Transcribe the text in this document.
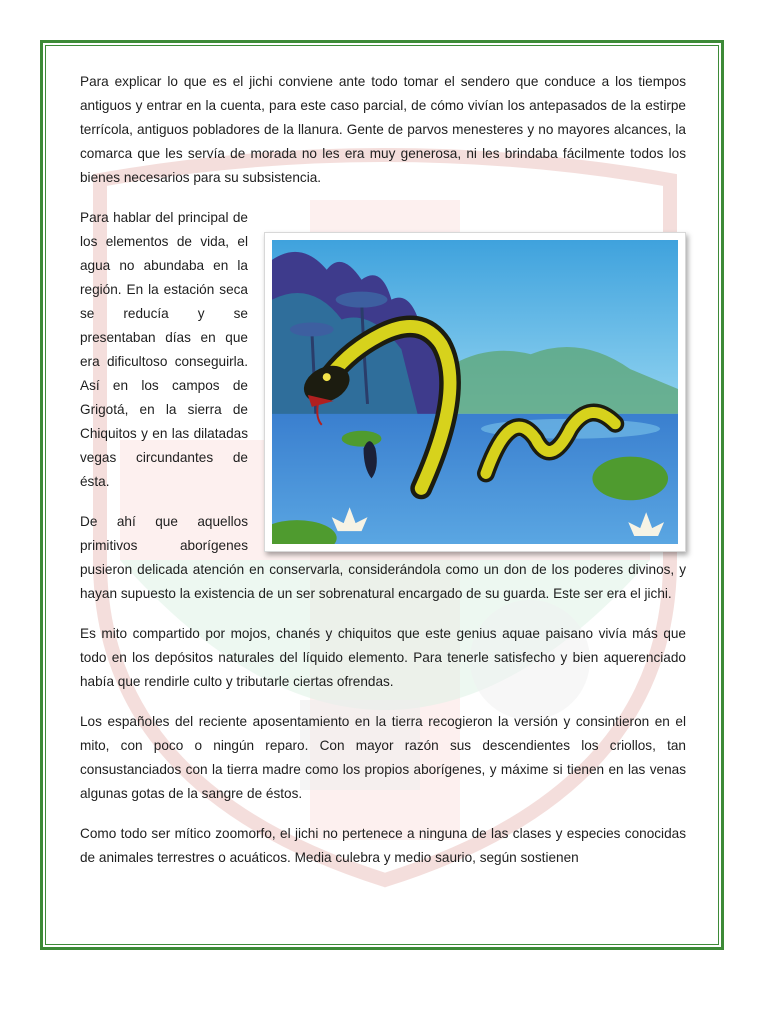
Para explicar lo que es el jichi conviene ante todo tomar el sendero que conduce a los tiempos antiguos y entrar en la cuenta, para este caso parcial, de cómo vivían los antepasados de la estirpe terrícola, antiguos pobladores de la llanura. Gente de parvos menesteres y no mayores alcances, la comarca que les servía de morada no les era muy generosa, ni les brindaba fácilmente todos los bienes necesarios para su subsistencia.

Para hablar del principal de los elementos de vida, el agua no abundaba en la región. En la estación seca se reducía y se presentaban días en que era dificultoso conseguirla. Así en los campos de Grigotá, en la sierra de Chiquitos y en las dilatadas vegas circundantes de ésta.

De ahí que aquellos primitivos aborígenes pusieron delicada atención en conservarla, considerándola como un don de los poderes divinos, y hayan supuesto la existencia de un ser sobrenatural encargado de su guarda. Este ser era el jichi.

Es mito compartido por mojos, chanés y chiquitos que este genius aquae paisano vivía más que todo en los depósitos naturales del líquido elemento. Para tenerle satisfecho y bien aquerenciado había que rendirle culto y tributarle ciertas ofrendas.

Los españoles del reciente aposentamiento en la tierra recogieron la versión y consintieron en el mito, con poco o ningún reparo. Con mayor razón sus descendientes los criollos, tan consustanciados con la tierra madre como los propios aborígenes, y máxime si tienen en las venas algunas gotas de la sangre de éstos.

Como todo ser mítico zoomorfo, el jichi no pertenece a ninguna de las clases y especies conocidas de animales terrestres o acuáticos. Media culebra y medio saurio, según sostienen
